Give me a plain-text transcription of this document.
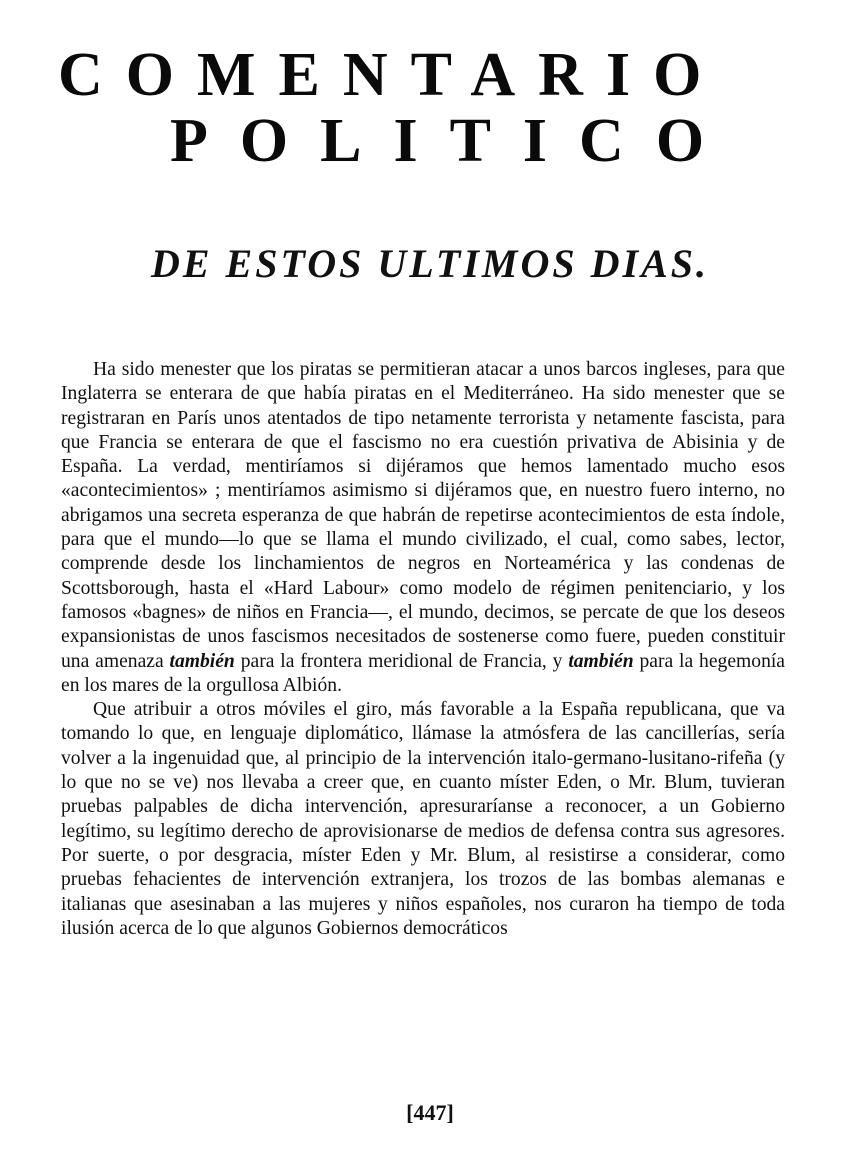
COMENTARIO
POLITICO
DE ESTOS ULTIMOS DIAS.

Ha sido menester que los piratas se permitieran atacar a unos barcos ingleses, para que Inglaterra se enterara de que había piratas en el Mediterráneo. Ha sido menester que se registraran en París unos atentados de tipo netamente terrorista y netamente fascista, para que Francia se enterara de que el fascismo no era cuestión privativa de Abisinia y de España. La verdad, mentiríamos si dijéramos que hemos lamentado mucho esos «acontecimientos» ; mentiríamos asimismo si dijéramos que, en nuestro fuero interno, no abrigamos una secreta esperanza de que habrán de repetirse acontecimientos de esta índole, para que el mundo—lo que se llama el mundo civilizado, el cual, como sabes, lector, comprende desde los linchamientos de negros en Norteamérica y las condenas de Scottsborough, hasta el «Hard Labour» como modelo de régimen penitenciario, y los famosos «bagnes» de niños en Francia—, el mundo, decimos, se percate de que los deseos expansionistas de unos fascismos necesitados de sostenerse como fuere, pueden constituir una amenaza también para la frontera meridional de Francia, y también para la hegemonía en los mares de la orgullosa Albión.

Que atribuir a otros móviles el giro, más favorable a la España republicana, que va tomando lo que, en lenguaje diplomático, llámase la atmósfera de las cancillerías, sería volver a la ingenuidad que, al principio de la intervención italo-germano-lusitano-rifeña (y lo que no se ve) nos llevaba a creer que, en cuanto míster Eden, o Mr. Blum, tuvieran pruebas palpables de dicha intervención, apresuraríanse a reconocer, a un Gobierno legítimo, su legítimo derecho de aprovisionarse de medios de defensa contra sus agresores. Por suerte, o por desgracia, míster Eden y Mr. Blum, al resistirse a considerar, como pruebas fehacientes de intervención extranjera, los trozos de las bombas alemanas e italianas que asesinaban a las mujeres y niños españoles, nos curaron ha tiempo de toda ilusión acerca de lo que algunos Gobiernos democráticos

[447]
